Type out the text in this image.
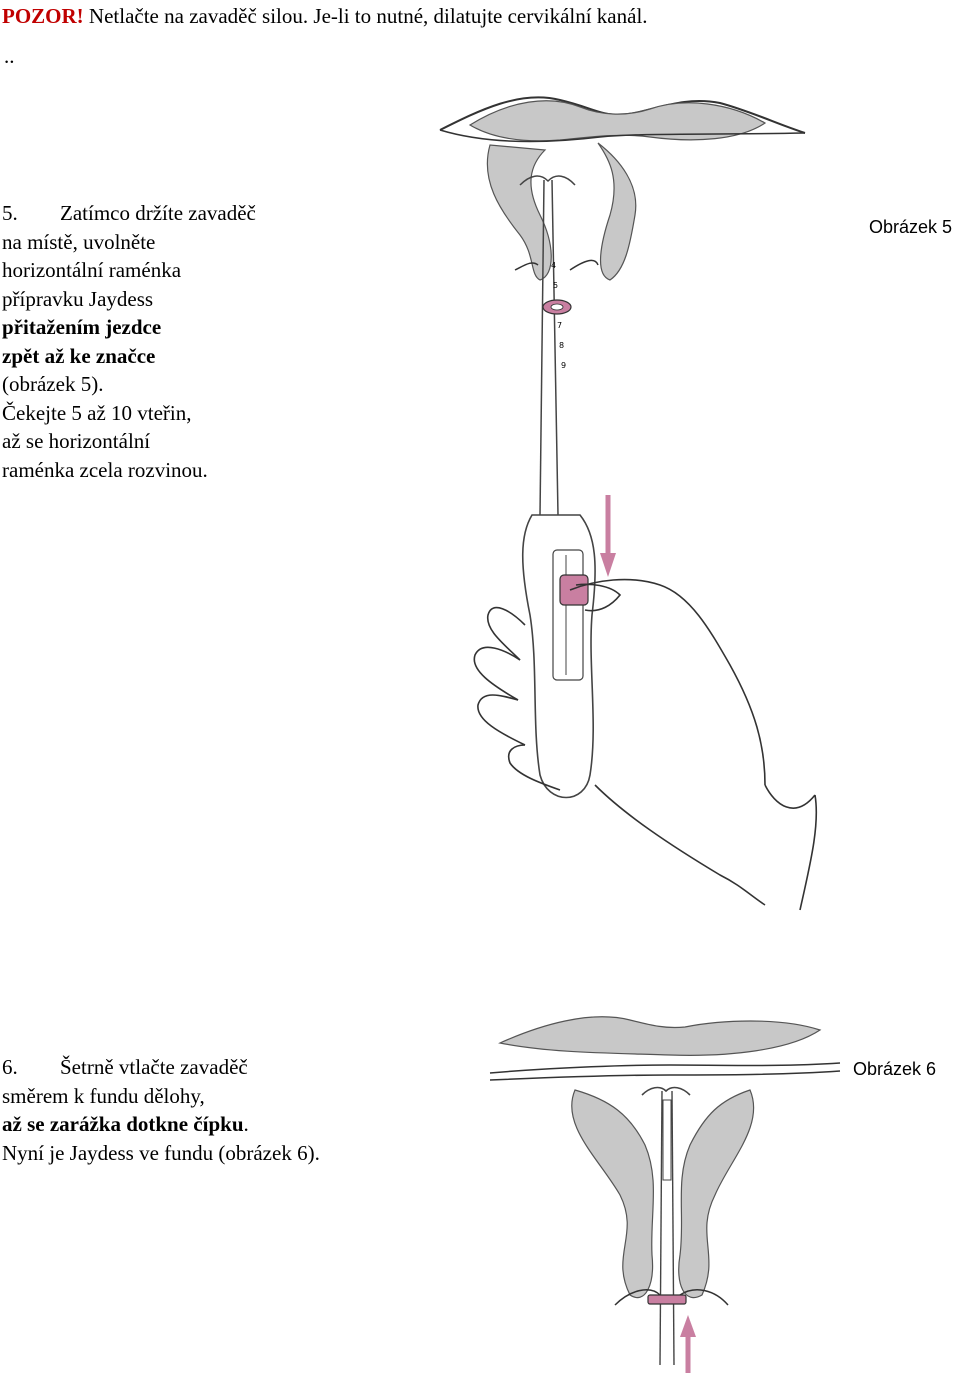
POZOR! Netlačte na zavaděč silou. Je-li to nutné, dilatujte cervikální kanál.

..

5. Zatímco držíte zavaděč

na místě, uvolněte

horizontální raménka

přípravku Jaydess

přitažením jezdce

zpět až ke značce

(obrázek 5).

Čekejte 5 až 10 vteřin,

až se horizontální

raménka zcela rozvinou.

Obrázek 5
4
5
7
8
9

6. Šetrně vtlačte zavaděč

směrem k fundu dělohy,

až se zarážka dotkne čípku.

Nyní je Jaydess ve fundu (obrázek 6).

Obrázek 6
